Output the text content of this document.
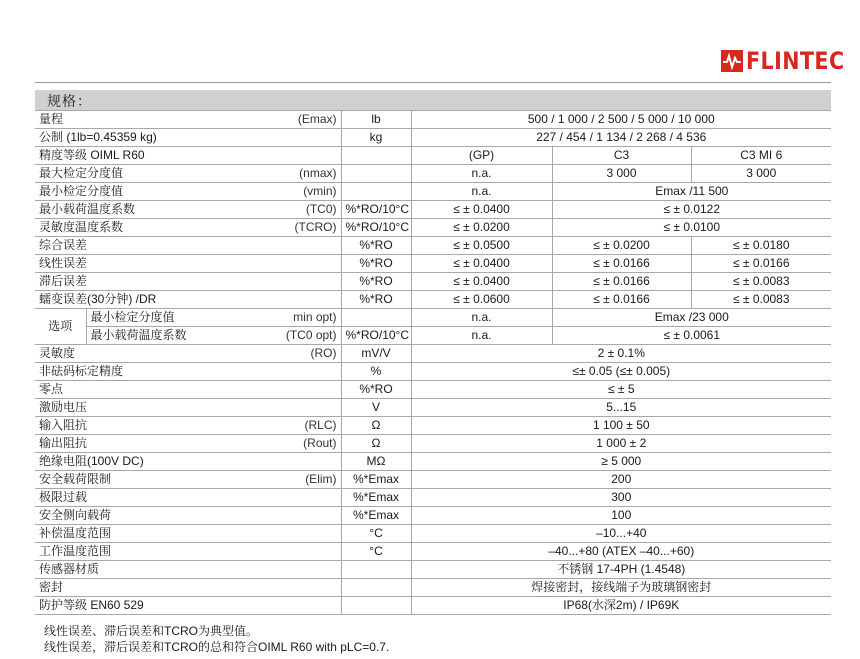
FLINTEC
规格：
量程		(Emax)	lb	500 / 1 000 / 2 500 / 5 000 / 10 000		
公制 (1lb=0.45359 kg)			kg	227 / 454 / 1 134 / 2 268 / 4 536		
精度等级 OIML R60				(GP)	C3	C3 MI 6
最大检定分度值		(nmax)		n.a.	3 000	3 000
最小检定分度值		(vmin)		n.a.	Emax /11 500	
最小载荷温度系数		(TC0)	%*RO/10°C	≤ ± 0.0400	≤ ± 0.0122	
灵敏度温度系数		(TCRO)	%*RO/10°C	≤ ± 0.0200	≤ ± 0.0100	
综合误差			%*RO	≤ ± 0.0500	≤ ± 0.0200	≤ ± 0.0180
线性误差			%*RO	≤ ± 0.0400	≤ ± 0.0166	≤ ± 0.0166
滞后误差			%*RO	≤ ± 0.0400	≤ ± 0.0166	≤ ± 0.0083
蠕变误差(30分钟) /DR			%*RO	≤ ± 0.0600	≤ ± 0.0166	≤ ± 0.0083
选项	最小检定分度值	min opt)		n.a.	Emax /23 000	
	最小载荷温度系数	(TC0 opt)	%*RO/10°C	n.a.	≤ ± 0.0061	
灵敏度		(RO)	mV/V	2 ± 0.1%		
非砝码标定精度			%	≤± 0.05 (≤± 0.005)		
零点			%*RO	≤ ± 5		
激励电压			V	5...15		
输入阻抗		(RLC)	Ω	1 100 ± 50		
输出阻抗		(Rout)	Ω	1 000 ± 2		
绝缘电阻(100V DC)			MΩ	≥ 5 000		
安全载荷限制		(Elim)	%*Emax	200		
极限过载			%*Emax	300		
安全侧向载荷			%*Emax	100		
补偿温度范围			°C	–10...+40		
工作温度范围			°C	–40...+80 (ATEX –40...+60)		
传感器材质				不锈钢 17-4PH (1.4548)		
密封				焊接密封，接线端子为玻璃钢密封		
防护等级 EN60 529				IP68(水深2m) / IP69K		
线性误差、滞后误差和TCRO为典型值。
线性误差，滞后误差和TCRO的总和符合OIML R60 with pLC=0.7.
